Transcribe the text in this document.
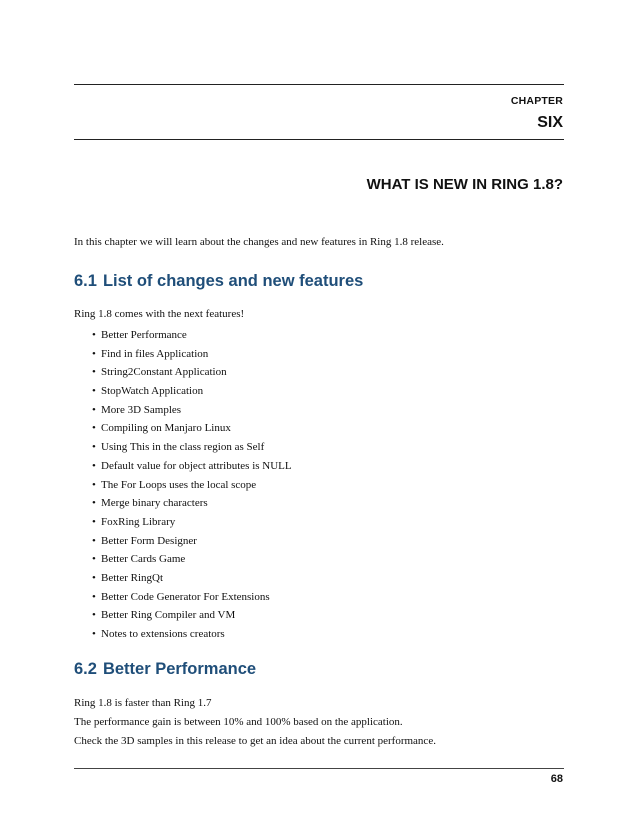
CHAPTER
SIX
WHAT IS NEW IN RING 1.8?
In this chapter we will learn about the changes and new features in Ring 1.8 release.
6.1 List of changes and new features
Ring 1.8 comes with the next features!
• Better Performance
• Find in files Application
• String2Constant Application
• StopWatch Application
• More 3D Samples
• Compiling on Manjaro Linux
• Using This in the class region as Self
• Default value for object attributes is NULL
• The For Loops uses the local scope
• Merge binary characters
• FoxRing Library
• Better Form Designer
• Better Cards Game
• Better RingQt
• Better Code Generator For Extensions
• Better Ring Compiler and VM
• Notes to extensions creators
6.2 Better Performance
Ring 1.8 is faster than Ring 1.7
The performance gain is between 10% and 100% based on the application.
Check the 3D samples in this release to get an idea about the current performance.
68
